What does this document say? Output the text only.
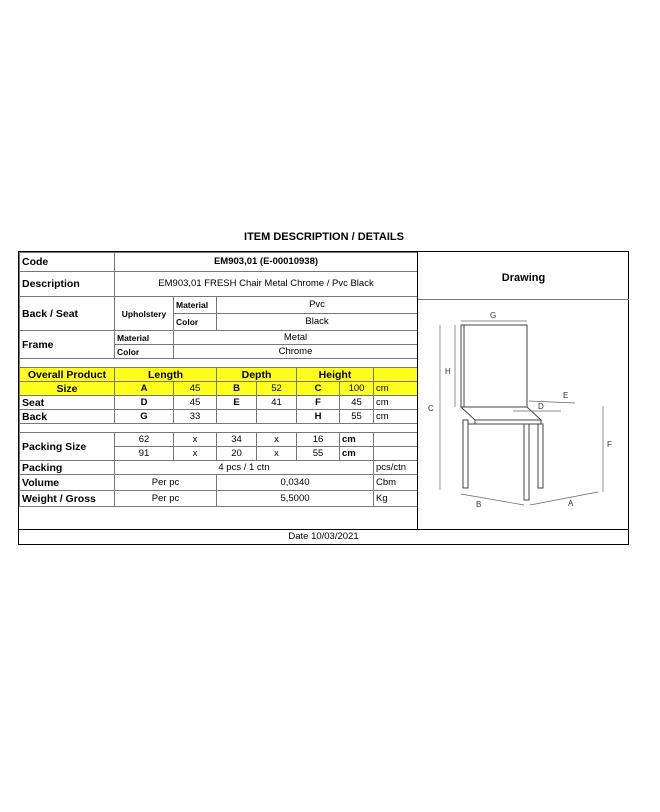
ITEM DESCRIPTION / DETAILS
Code	EM903,01 (E-00010938)						
Description	EM903,01 FRESH Chair Metal Chrome / Pvc Black						
Back / Seat	Upholstery	Material	Pvc				
		Color	Black				
Frame	Material	Metal					
	Color	Chrome					

Overall Product	Length		Depth		Height		
Size	A	45	B	52	C	100	cm
Seat	D	45	E	41	F	45	cm
Back	G	33			H	55	cm

Packing Size	62	x	34	x	16	cm	
	91	x	20	x	55	cm	
Packing	4 pcs / 1 ctn						pcs/ctn
Volume	Per pc		0,0340				Cbm
Weight / Gross	Per pc		5,5000				Kg
Drawing
G
H
C
E
D
F
B	A
Date 10/03/2021
